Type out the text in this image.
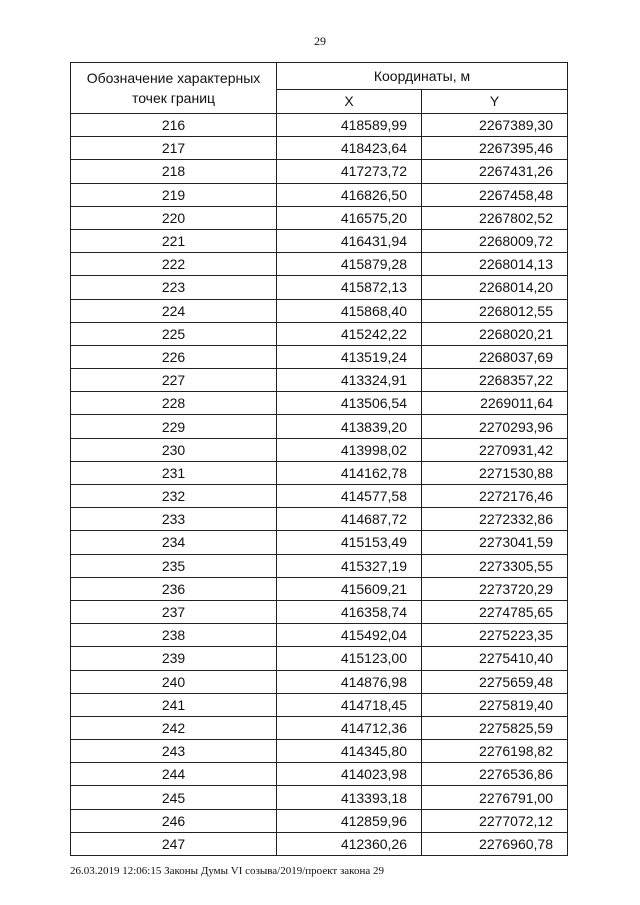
29
Обозначение характерных точек границ	Координаты, м	
	X	Y
216	418589,99	2267389,30
217	418423,64	2267395,46
218	417273,72	2267431,26
219	416826,50	2267458,48
220	416575,20	2267802,52
221	416431,94	2268009,72
222	415879,28	2268014,13
223	415872,13	2268014,20
224	415868,40	2268012,55
225	415242,22	2268020,21
226	413519,24	2268037,69
227	413324,91	2268357,22
228	413506,54	2269011,64
229	413839,20	2270293,96
230	413998,02	2270931,42
231	414162,78	2271530,88
232	414577,58	2272176,46
233	414687,72	2272332,86
234	415153,49	2273041,59
235	415327,19	2273305,55
236	415609,21	2273720,29
237	416358,74	2274785,65
238	415492,04	2275223,35
239	415123,00	2275410,40
240	414876,98	2275659,48
241	414718,45	2275819,40
242	414712,36	2275825,59
243	414345,80	2276198,82
244	414023,98	2276536,86
245	413393,18	2276791,00
246	412859,96	2277072,12
247	412360,26	2276960,78
26.03.2019 12:06:15 Законы Думы VI созыва/2019/проект закона 29
